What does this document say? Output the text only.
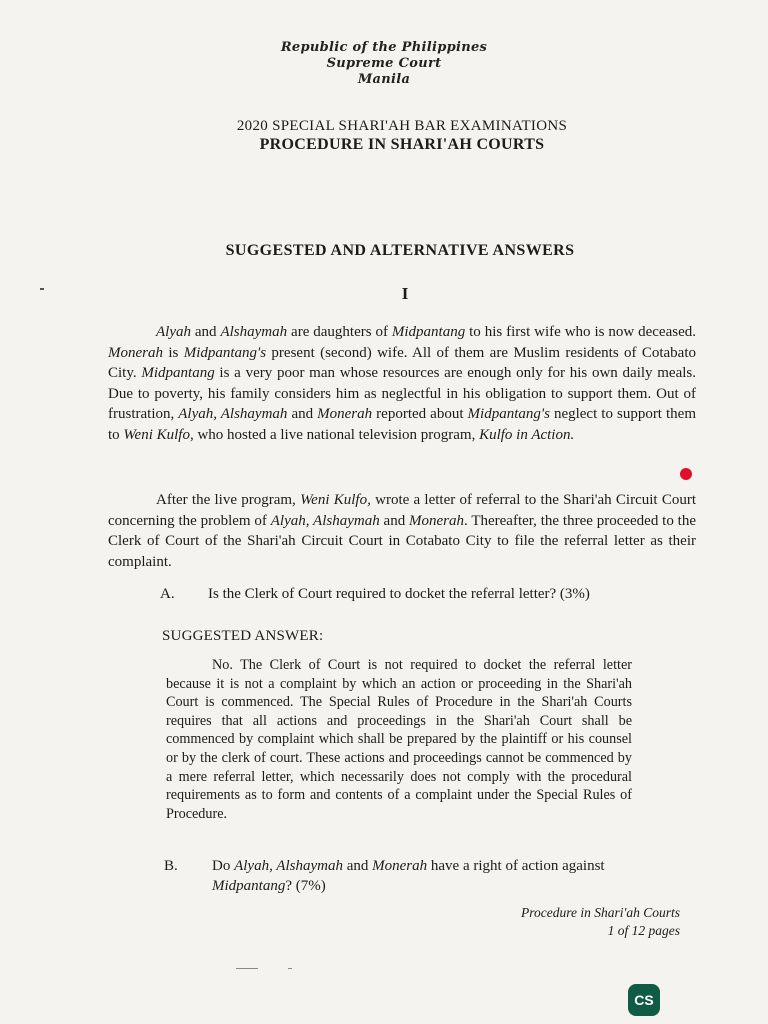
Republic of the Philippines
Supreme Court
Manila
2020 SPECIAL SHARI'AH BAR EXAMINATIONS
PROCEDURE IN SHARI'AH COURTS
SUGGESTED AND ALTERNATIVE ANSWERS
I
Alyah and Alshaymah are daughters of Midpantang to his first wife who is now deceased. Monerah is Midpantang's present (second) wife. All of them are Muslim residents of Cotabato City. Midpantang is a very poor man whose resources are enough only for his own daily meals. Due to poverty, his family considers him as neglectful in his obligation to support them. Out of frustration, Alyah, Alshaymah and Monerah reported about Midpantang's neglect to support them to Weni Kulfo, who hosted a live national television program, Kulfo in Action.
After the live program, Weni Kulfo, wrote a letter of referral to the Shari'ah Circuit Court concerning the problem of Alyah, Alshaymah and Monerah. Thereafter, the three proceeded to the Clerk of Court of the Shari'ah Circuit Court in Cotabato City to file the referral letter as their complaint.
A. Is the Clerk of Court required to docket the referral letter? (3%)
SUGGESTED ANSWER:
No. The Clerk of Court is not required to docket the referral letter because it is not a complaint by which an action or proceeding in the Shari'ah Court is commenced. The Special Rules of Procedure in the Shari'ah Courts requires that all actions and proceedings in the Shari'ah Court shall be commenced by complaint which shall be prepared by the plaintiff or his counsel or by the clerk of court. These actions and proceedings cannot be commenced by a mere referral letter, which necessarily does not comply with the procedural requirements as to form and contents of a complaint under the Special Rules of Procedure.
B. Do Alyah, Alshaymah and Monerah have a right of action against
Midpantang? (7%)
Procedure in Shari'ah Courts
1 of 12 pages
CS
